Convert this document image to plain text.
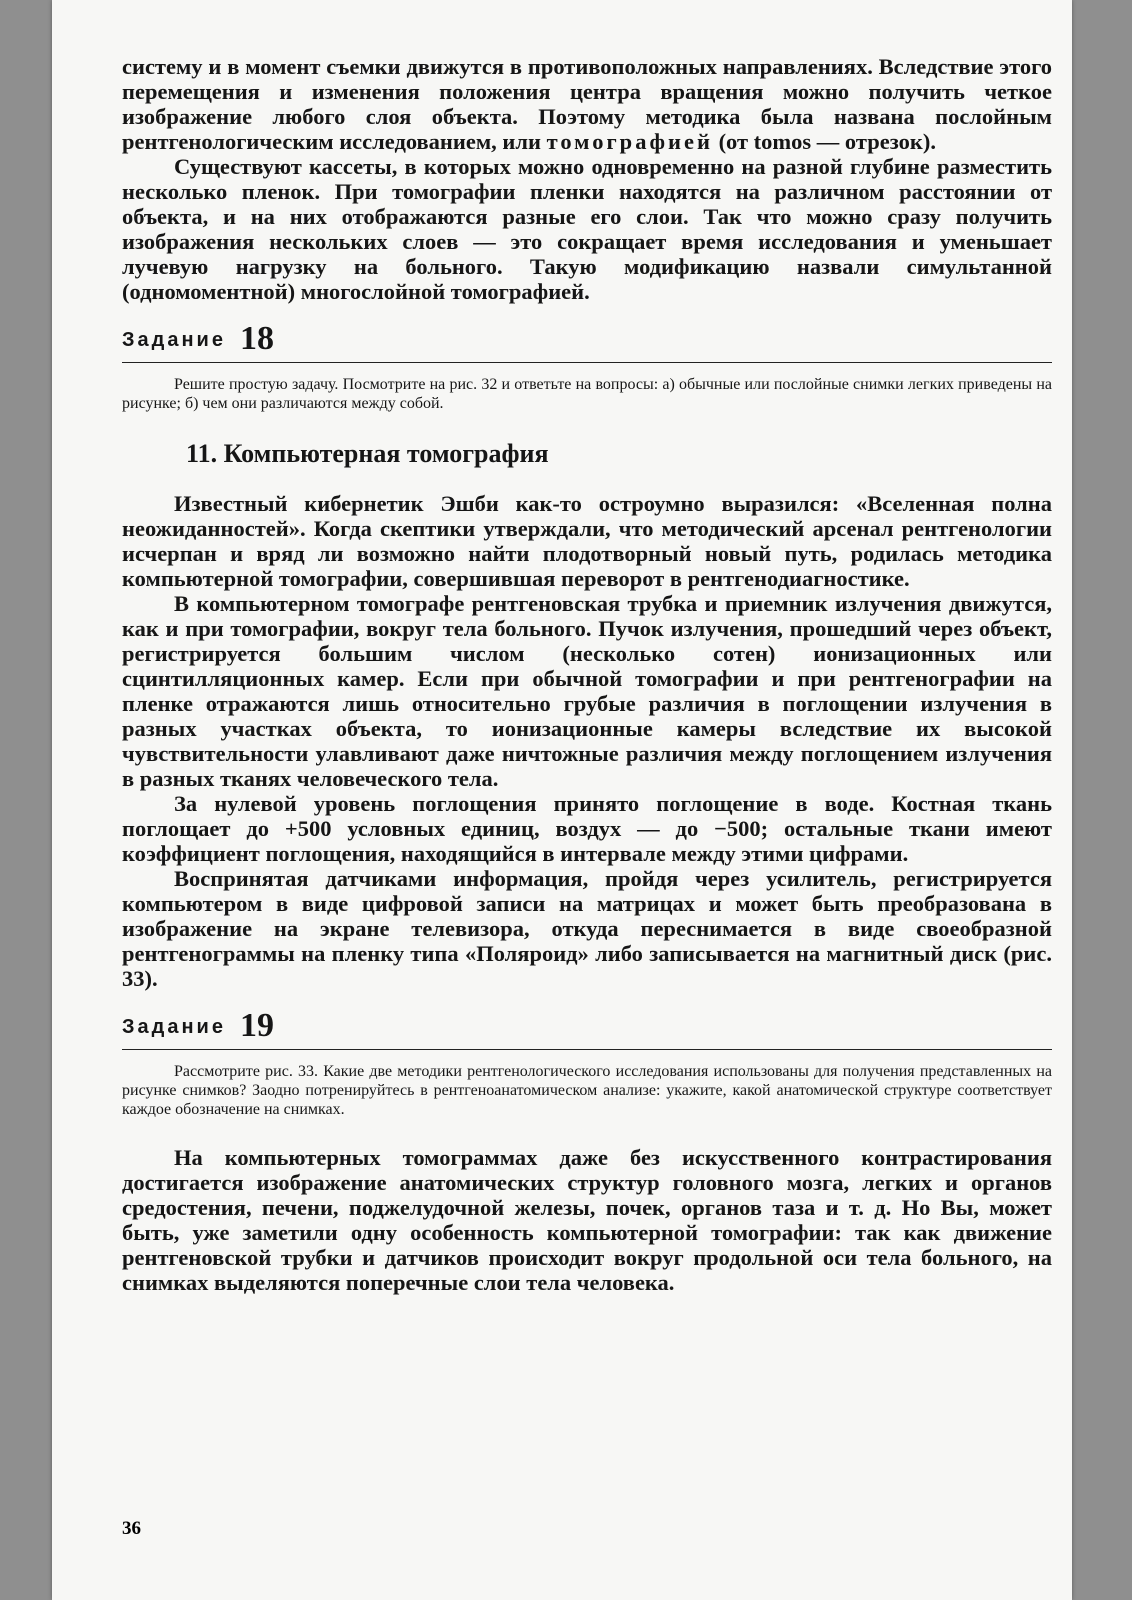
систему и в момент съемки движутся в противоположных направлениях. Вследствие этого перемещения и изменения положения центра вращения можно получить четкое изображение любого слоя объекта. Поэтому методика была названа послойным рентгенологическим исследованием, или томографией (от tomos — отрезок).

Существуют кассеты, в которых можно одновременно на разной глубине разместить несколько пленок. При томографии пленки находятся на различном расстоянии от объекта, и на них отображаются разные его слои. Так что можно сразу получить изображения нескольких слоев — это сокращает время исследования и уменьшает лучевую нагрузку на больного. Такую модификацию назвали симультанной (одномоментной) многослойной томографией.

Задание 18

Решите простую задачу. Посмотрите на рис. 32 и ответьте на вопросы: а) обычные или послойные снимки легких приведены на рисунке; б) чем они различаются между собой.

11. Компьютерная томография

Известный кибернетик Эшби как-то остроумно выразился: «Вселенная полна неожиданностей». Когда скептики утверждали, что методический арсенал рентгенологии исчерпан и вряд ли возможно найти плодотворный новый путь, родилась методика компьютерной томографии, совершившая переворот в рентгенодиагностике.

В компьютерном томографе рентгеновская трубка и приемник излучения движутся, как и при томографии, вокруг тела больного. Пучок излучения, прошедший через объект, регистрируется большим числом (несколько сотен) ионизационных или сцинтилляционных камер. Если при обычной томографии и при рентгенографии на пленке отражаются лишь относительно грубые различия в поглощении излучения в разных участках объекта, то ионизационные камеры вследствие их высокой чувствительности улавливают даже ничтожные различия между поглощением излучения в разных тканях человеческого тела.

За нулевой уровень поглощения принято поглощение в воде. Костная ткань поглощает до +500 условных единиц, воздух — до −500; остальные ткани имеют коэффициент поглощения, находящийся в интервале между этими цифрами.

Воспринятая датчиками информация, пройдя через усилитель, регистрируется компьютером в виде цифровой записи на матрицах и может быть преобразована в изображение на экране телевизора, откуда переснимается в виде своеобразной рентгенограммы на пленку типа «Поляроид» либо записывается на магнитный диск (рис. 33).

Задание 19

Рассмотрите рис. 33. Какие две методики рентгенологического исследования использованы для получения представленных на рисунке снимков? Заодно потренируйтесь в рентгеноанатомическом анализе: укажите, какой анатомической структуре соответствует каждое обозначение на снимках.

На компьютерных томограммах даже без искусственного контрастирования достигается изображение анатомических структур головного мозга, легких и органов средостения, печени, поджелудочной железы, почек, органов таза и т. д. Но Вы, может быть, уже заметили одну особенность компьютерной томографии: так как движение рентгеновской трубки и датчиков происходит вокруг продольной оси тела больного, на снимках выделяются поперечные слои тела человека.

36
